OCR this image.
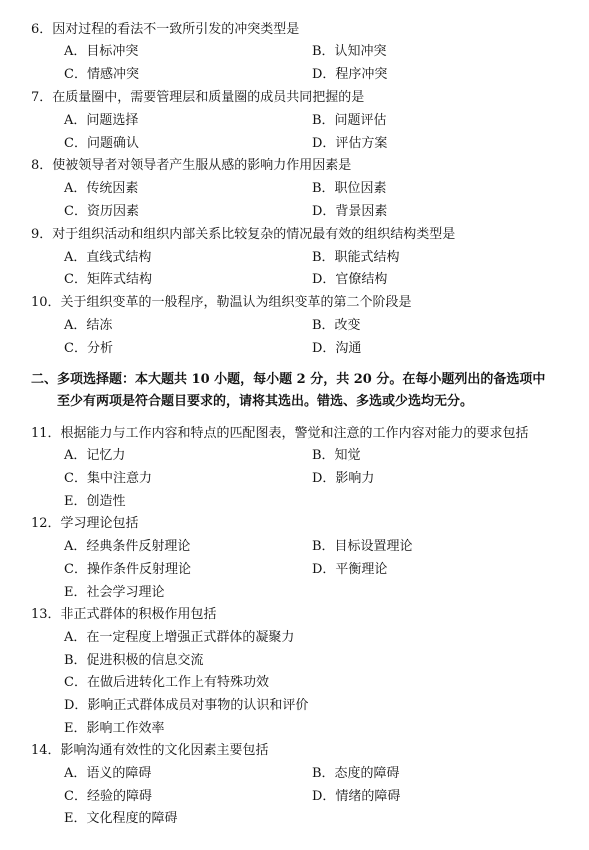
6．因对过程的看法不一致所引发的冲突类型是
A．目标冲突	B．认知冲突
C．情感冲突	D．程序冲突
7．在质量圈中，需要管理层和质量圈的成员共同把握的是
A．问题选择	B．问题评估
C．问题确认	D．评估方案
8．使被领导者对领导者产生服从感的影响力作用因素是
A．传统因素	B．职位因素
C．资历因素	D．背景因素
9．对于组织活动和组织内部关系比较复杂的情况最有效的组织结构类型是
A．直线式结构	B．职能式结构
C．矩阵式结构	D．官僚结构
10．关于组织变革的一般程序，勒温认为组织变革的第二个阶段是
A．结冻	B．改变
C．分析	D．沟通
二、多项选择题：本大题共 10 小题，每小题 2 分，共 20 分。在每小题列出的备选项中
至少有两项是符合题目要求的，请将其选出。错选、多选或少选均无分。
11．根据能力与工作内容和特点的匹配图表，警觉和注意的工作内容对能力的要求包括
A．记忆力	B．知觉
C．集中注意力	D．影响力
E．创造性
12．学习理论包括
A．经典条件反射理论	B．目标设置理论
C．操作条件反射理论	D．平衡理论
E．社会学习理论
13．非正式群体的积极作用包括
A．在一定程度上增强正式群体的凝聚力
B．促进积极的信息交流
C．在做后进转化工作上有特殊功效
D．影响正式群体成员对事物的认识和评价
E．影响工作效率
14．影响沟通有效性的文化因素主要包括
A．语义的障碍	B．态度的障碍
C．经验的障碍	D．情绪的障碍
E．文化程度的障碍
